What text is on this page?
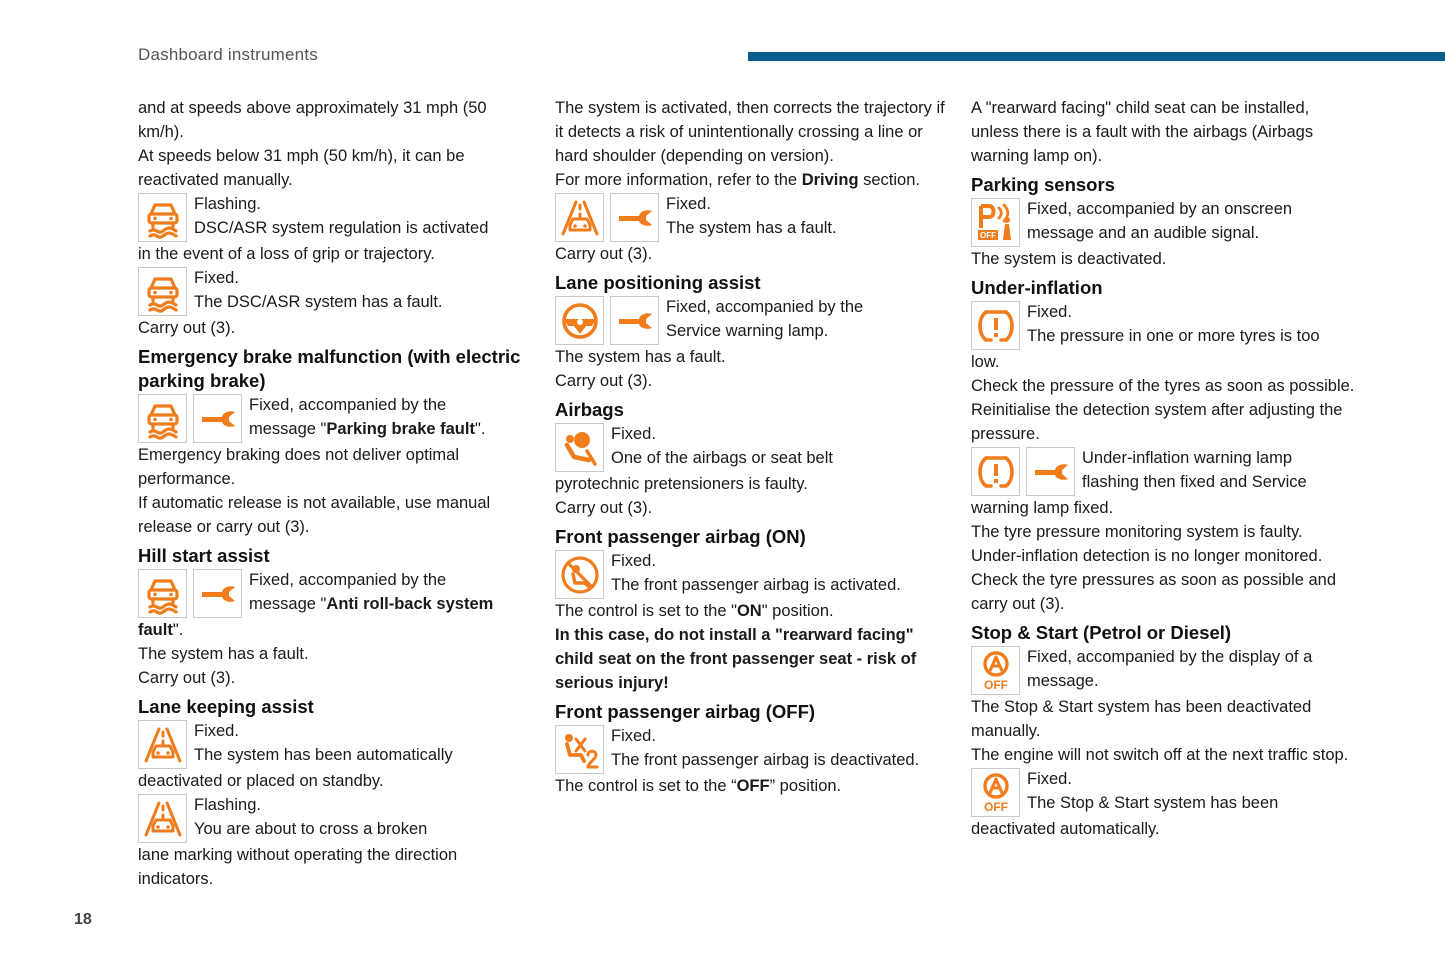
Dashboard instruments
18

and at speeds above approximately 31 mph (50 km/h).

At speeds below 31 mph (50 km/h), it can be reactivated manually.

Flashing.
DSC/ASR system regulation is activated

in the event of a loss of grip or trajectory.

Fixed.
The DSC/ASR system has a fault.

Carry out (3).

Emergency brake malfunction (with electric parking brake)
Fixed, accompanied by the
message "Parking brake fault".

Emergency braking does not deliver optimal performance.

If automatic release is not available, use manual release or carry out (3).

Hill start assist
Fixed, accompanied by the
message "Anti roll-back system

fault".

The system has a fault.

Carry out (3).

Lane keeping assist
Fixed.
The system has been automatically

deactivated or placed on standby.

Flashing.
You are about to cross a broken

lane marking without operating the direction indicators.

The system is activated, then corrects the trajectory if it detects a risk of unintentionally crossing a line or hard shoulder (depending on version).

For more information, refer to the Driving section.

Fixed.
The system has a fault.

Carry out (3).

Lane positioning assist
Fixed, accompanied by the
Service warning lamp.

The system has a fault.

Carry out (3).

Airbags
Fixed.
One of the airbags or seat belt

pyrotechnic pretensioners is faulty.

Carry out (3).

Front passenger airbag (ON)
Fixed.
The front passenger airbag is activated.

The control is set to the "ON" position.

In this case, do not install a "rearward facing" child seat on the front passenger seat - risk of serious injury!

Front passenger airbag (OFF)
Fixed.
The front passenger airbag is deactivated.

The control is set to the “OFF” position.

A "rearward facing" child seat can be installed, unless there is a fault with the airbags (Airbags warning lamp on).

Parking sensors
Fixed, accompanied by an onscreen
message and an audible signal.

The system is deactivated.

Under-inflation
Fixed.
The pressure in one or more tyres is too

low.

Check the pressure of the tyres as soon as possible.

Reinitialise the detection system after adjusting the pressure.

Under-inflation warning lamp
flashing then fixed and Service

warning lamp fixed.

The tyre pressure monitoring system is faulty.

Under-inflation detection is no longer monitored.

Check the tyre pressures as soon as possible and carry out (3).

Stop & Start (Petrol or Diesel)
OFF
Fixed, accompanied by the display of a
message.

The Stop & Start system has been deactivated manually.

The engine will not switch off at the next traffic stop.

OFF
Fixed.
The Stop & Start system has been

deactivated automatically.
